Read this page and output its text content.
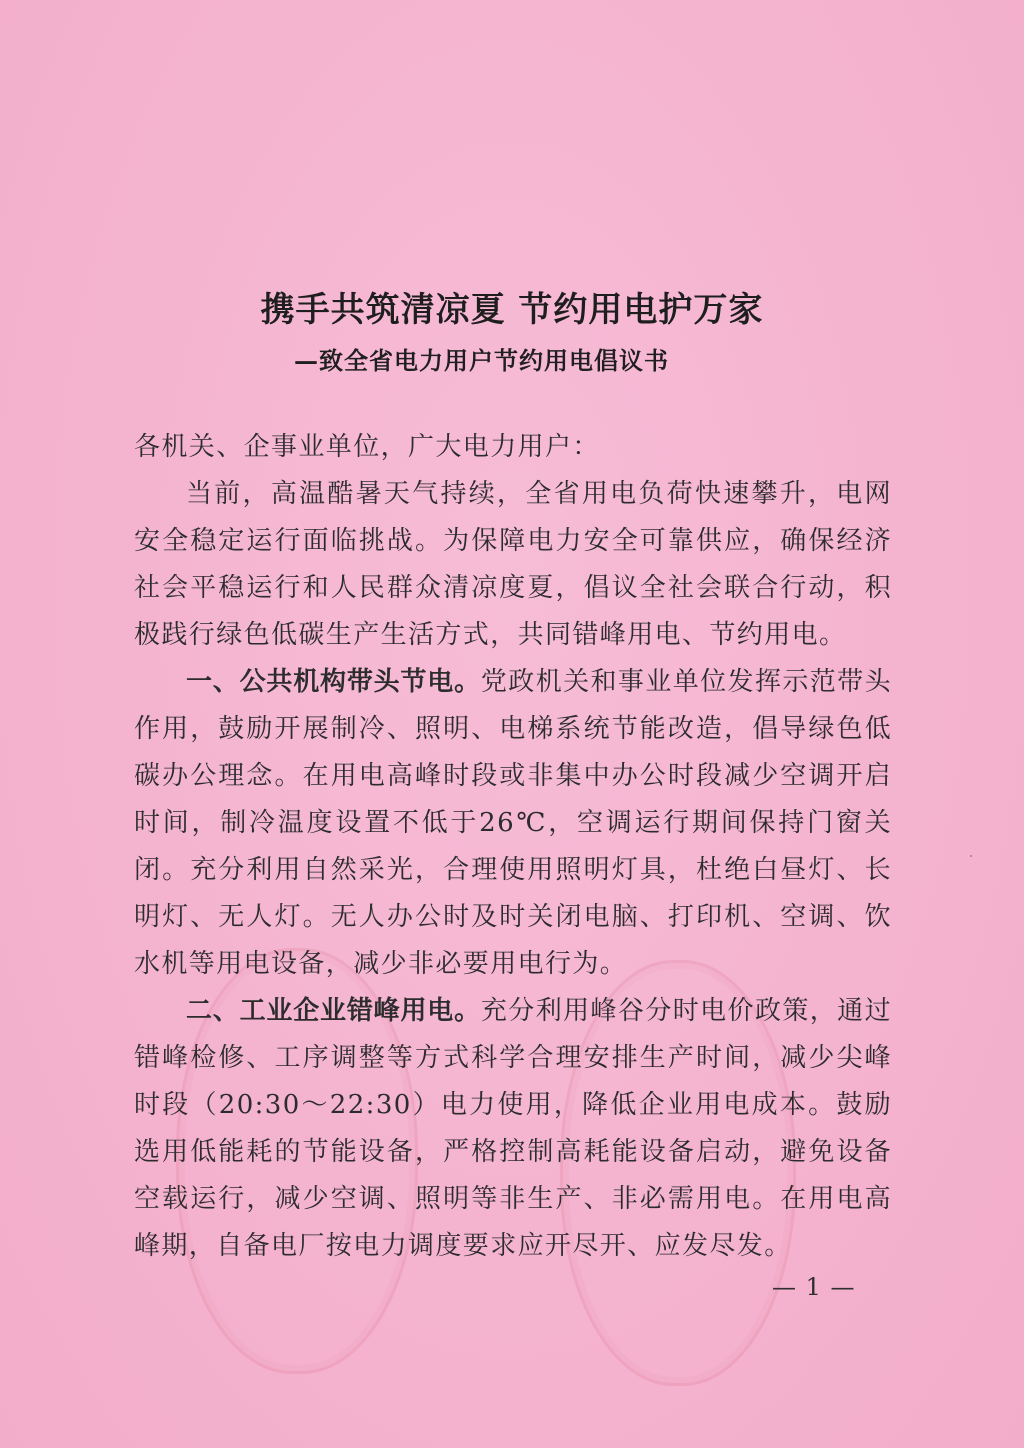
携手共筑清凉夏 节约用电护万家
—致全省电力用户节约用电倡议书

各机关、企事业单位，广大电力用户：

当前，高温酷暑天气持续，全省用电负荷快速攀升，电网安全稳定运行面临挑战。为保障电力安全可靠供应，确保经济社会平稳运行和人民群众清凉度夏，倡议全社会联合行动，积极践行绿色低碳生产生活方式，共同错峰用电、节约用电。

一、公共机构带头节电。党政机关和事业单位发挥示范带头作用，鼓励开展制冷、照明、电梯系统节能改造，倡导绿色低碳办公理念。在用电高峰时段或非集中办公时段减少空调开启时间，制冷温度设置不低于26℃，空调运行期间保持门窗关闭。充分利用自然采光，合理使用照明灯具，杜绝白昼灯、长明灯、无人灯。无人办公时及时关闭电脑、打印机、空调、饮水机等用电设备，减少非必要用电行为。

二、工业企业错峰用电。充分利用峰谷分时电价政策，通过错峰检修、工序调整等方式科学合理安排生产时间，减少尖峰时段（20:30～22:30）电力使用，降低企业用电成本。鼓励选用低能耗的节能设备，严格控制高耗能设备启动，避免设备空载运行，减少空调、照明等非生产、非必需用电。在用电高峰期，自备电厂按电力调度要求应开尽开、应发尽发。

— 1 —
